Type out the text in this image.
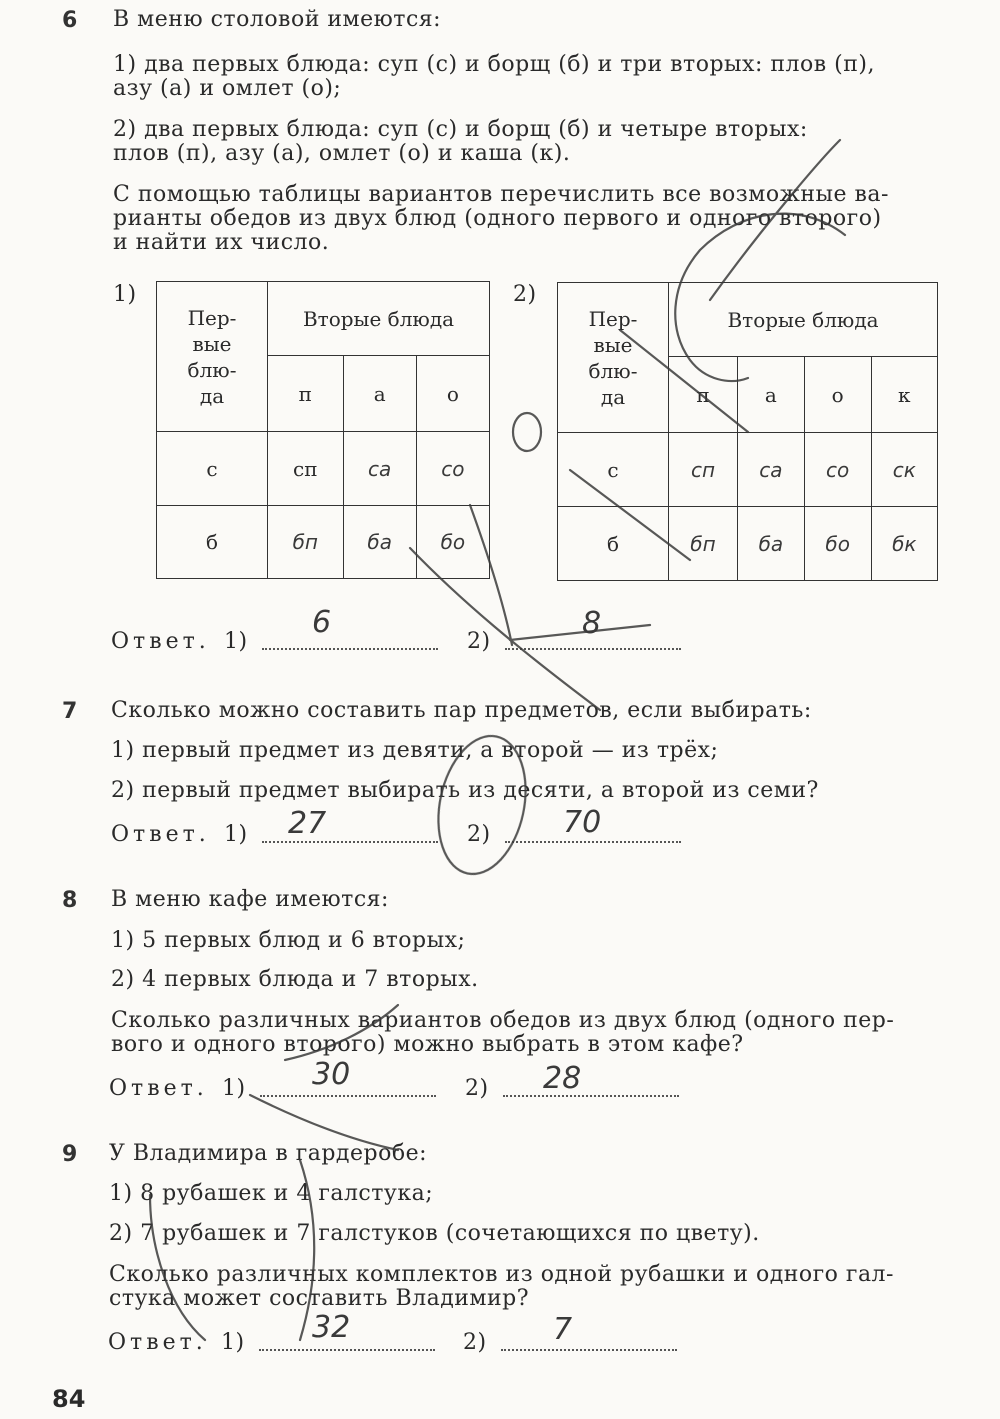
6 В меню столовой имеются:
1) два первых блюда: суп (с) и борщ (б) и три вторых: плов (п),
азу (а) и омлет (о);
2) два первых блюда: суп (с) и борщ (б) и четыре вторых:
плов (п), азу (а), омлет (о) и каша (к).
С помощью таблицы вариантов перечислить все возможные ва-
рианты обедов из двух блюд (одного первого и одного второго)
и найти их число.
1)
Пер-
вые
блю-
да	Вторые блюда		
	п	а	о
с	сп	са	со
б	бп	ба	бо
2)
Пер-
вые
блю-
да	Вторые блюда			
	п	а	о	к
с	сп	са	со	ск
б	бп	ба	бо	бк
Ответ. 1)
6
2)
8
7 Сколько можно составить пар предметов, если выбирать:
1) первый предмет из девяти, а второй — из трёх;
2) первый предмет выбирать из десяти, а второй из семи?
Ответ. 1) 27	2) 70
8 В меню кафе имеются:
1) 5 первых блюд и 6 вторых;
2) 4 первых блюда и 7 вторых.
Сколько различных вариантов обедов из двух блюд (одного пер-
вого и одного второго) можно выбрать в этом кафе?
Ответ. 1) 30	2) 28
9 У Владимира в гардеробе:
1) 8 рубашек и 4 галстука;
2) 7 рубашек и 7 галстуков (сочетающихся по цвету).
Сколько различных комплектов из одной рубашки и одного гал-
стука может составить Владимир?
Ответ. 1) 32	2) 7
84
